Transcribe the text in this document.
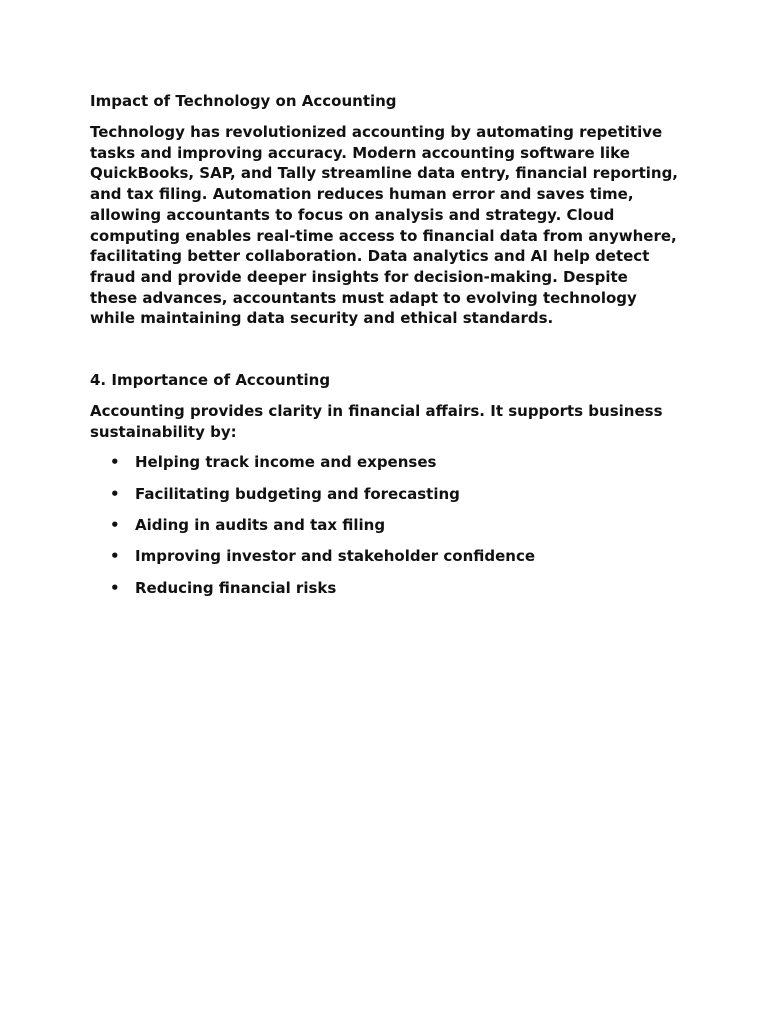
Impact of Technology on Accounting

Technology has revolutionized accounting by automating repetitive tasks and improving accuracy. Modern accounting software like QuickBooks, SAP, and Tally streamline data entry, financial reporting, and tax filing. Automation reduces human error and saves time, allowing accountants to focus on analysis and strategy. Cloud computing enables real-time access to financial data from anywhere, facilitating better collaboration. Data analytics and AI help detect fraud and provide deeper insights for decision-making. Despite these advances, accountants must adapt to evolving technology while maintaining data security and ethical standards.

4. Importance of Accounting

Accounting provides clarity in financial affairs. It supports business sustainability by:

• Helping track income and expenses
• Facilitating budgeting and forecasting
• Aiding in audits and tax filing
• Improving investor and stakeholder confidence
• Reducing financial risks
